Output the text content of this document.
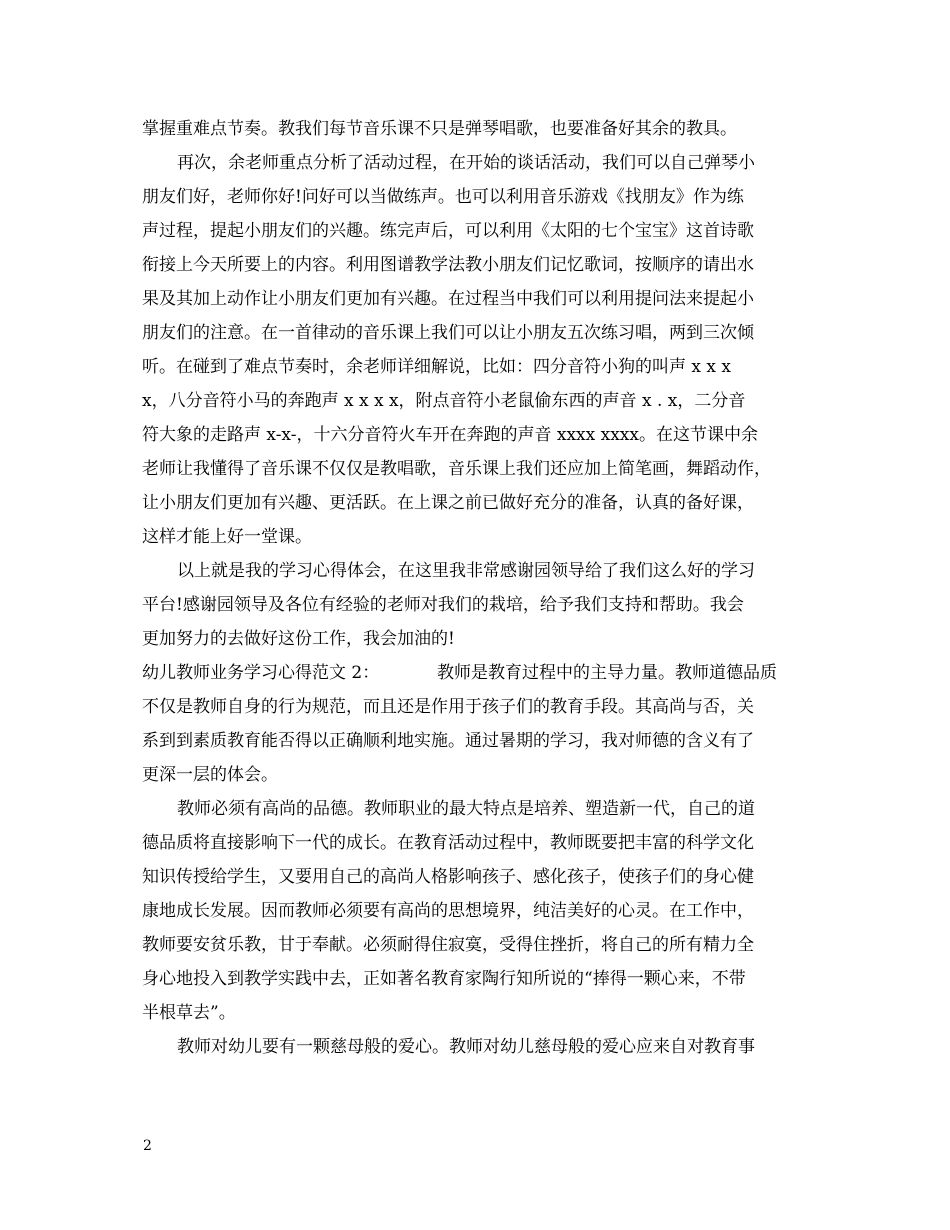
掌握重难点节奏。教我们每节音乐课不只是弹琴唱歌，也要准备好其余的教具。
再次，余老师重点分析了活动过程，在开始的谈话活动，我们可以自己弹琴小
朋友们好，老师你好!问好可以当做练声。也可以利用音乐游戏《找朋友》作为练
声过程，提起小朋友们的兴趣。练完声后，可以利用《太阳的七个宝宝》这首诗歌
衔接上今天所要上的内容。利用图谱教学法教小朋友们记忆歌词，按顺序的请出水
果及其加上动作让小朋友们更加有兴趣。在过程当中我们可以利用提问法来提起小
朋友们的注意。在一首律动的音乐课上我们可以让小朋友五次练习唱，两到三次倾
听。在碰到了难点节奏时，余老师详细解说，比如：四分音符小狗的叫声 x x x
x，八分音符小马的奔跑声 x x x x，附点音符小老鼠偷东西的声音 x . x，二分音
符大象的走路声 x-x-，十六分音符火车开在奔跑的声音 xxxx xxxx。在这节课中余
老师让我懂得了音乐课不仅仅是教唱歌，音乐课上我们还应加上简笔画，舞蹈动作，
让小朋友们更加有兴趣、更活跃。在上课之前已做好充分的准备，认真的备好课，
这样才能上好一堂课。
以上就是我的学习心得体会，在这里我非常感谢园领导给了我们这么好的学习
平台!感谢园领导及各位有经验的老师对我们的栽培，给予我们支持和帮助。我会
更加努力的去做好这份工作，我会加油的!
幼儿教师业务学习心得范文 2：	教师是教育过程中的主导力量。教师道德品质
不仅是教师自身的行为规范，而且还是作用于孩子们的教育手段。其高尚与否，关
系到到素质教育能否得以正确顺利地实施。通过暑期的学习，我对师德的含义有了
更深一层的体会。
教师必须有高尚的品德。教师职业的最大特点是培养、塑造新一代，自己的道
德品质将直接影响下一代的成长。在教育活动过程中，教师既要把丰富的科学文化
知识传授给学生，又要用自己的高尚人格影响孩子、感化孩子，使孩子们的身心健
康地成长发展。因而教师必须要有高尚的思想境界，纯洁美好的心灵。在工作中，
教师要安贫乐教，甘于奉献。必须耐得住寂寞，受得住挫折，将自己的所有精力全
身心地投入到教学实践中去，正如著名教育家陶行知所说的“捧得一颗心来，不带
半根草去”。
教师对幼儿要有一颗慈母般的爱心。教师对幼儿慈母般的爱心应来自对教育事
2
